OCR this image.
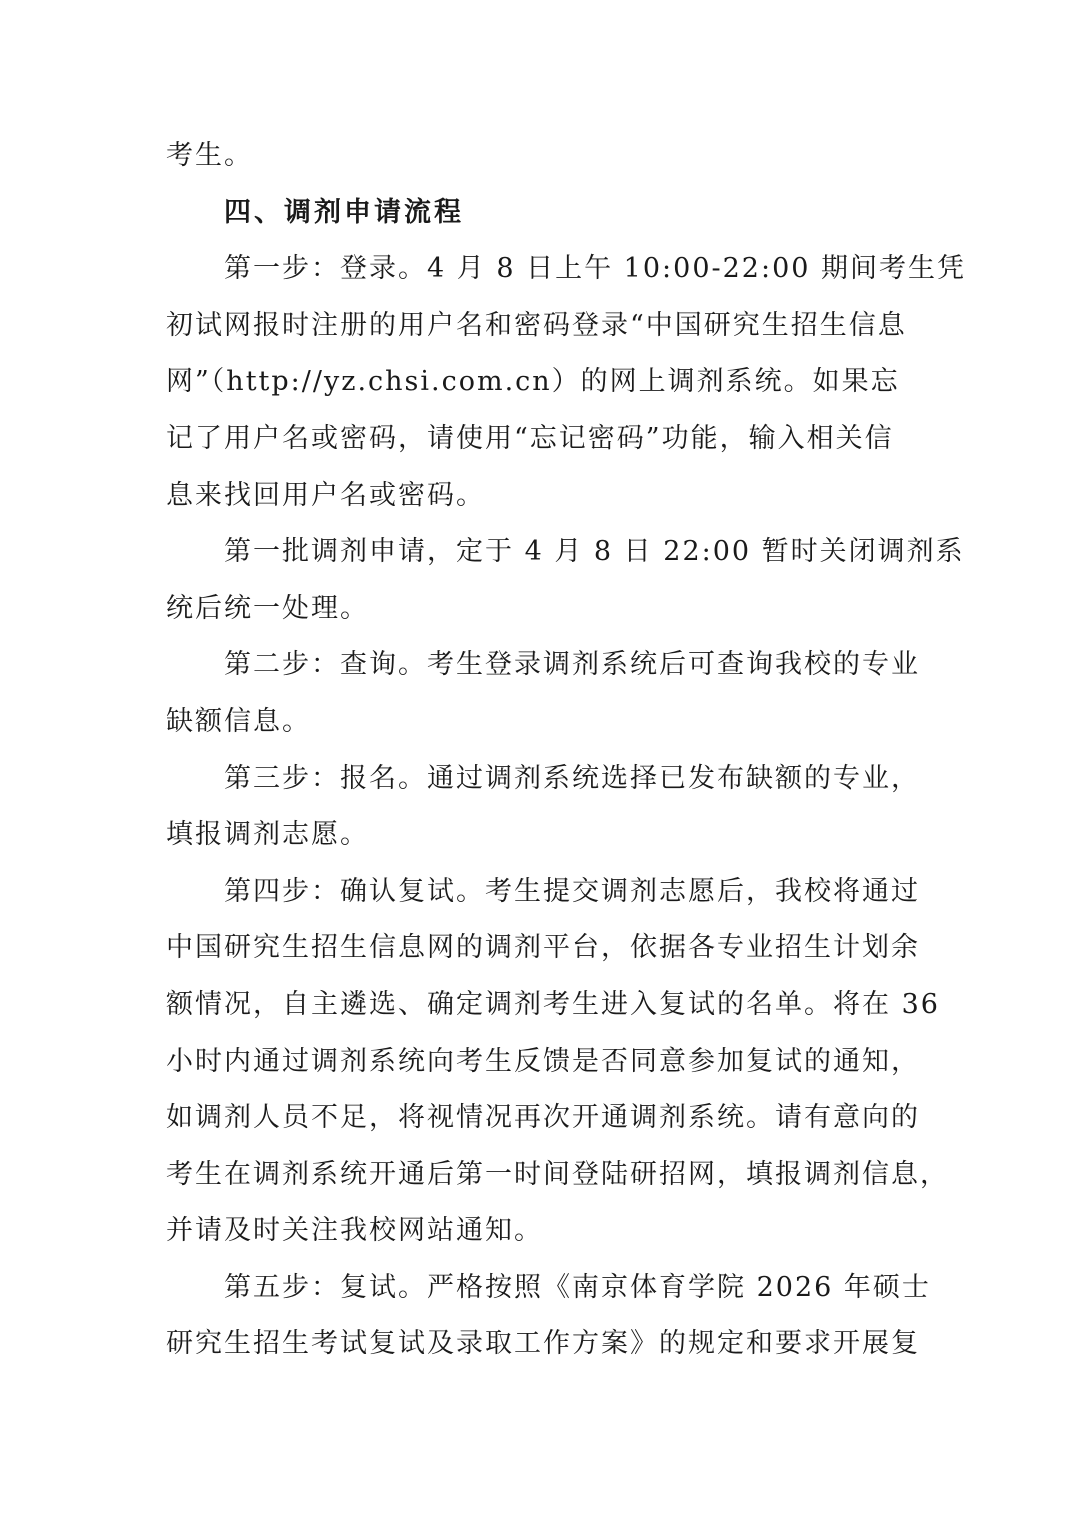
考生。
四、调剂申请流程
第一步：登录。4 月 8 日上午 10:00-22:00 期间考生凭
初试网报时注册的用户名和密码登录“中国研究生招生信息
网”（http://yz.chsi.com.cn）的网上调剂系统。如果忘
记了用户名或密码，请使用“忘记密码”功能，输入相关信
息来找回用户名或密码。
第一批调剂申请，定于 4 月 8 日 22:00 暂时关闭调剂系
统后统一处理。
第二步：查询。考生登录调剂系统后可查询我校的专业
缺额信息。
第三步：报名。通过调剂系统选择已发布缺额的专业，
填报调剂志愿。
第四步：确认复试。考生提交调剂志愿后，我校将通过
中国研究生招生信息网的调剂平台，依据各专业招生计划余
额情况，自主遴选、确定调剂考生进入复试的名单。将在 36
小时内通过调剂系统向考生反馈是否同意参加复试的通知，
如调剂人员不足，将视情况再次开通调剂系统。请有意向的
考生在调剂系统开通后第一时间登陆研招网，填报调剂信息，
并请及时关注我校网站通知。
第五步：复试。严格按照《南京体育学院 2026 年硕士
研究生招生考试复试及录取工作方案》的规定和要求开展复
